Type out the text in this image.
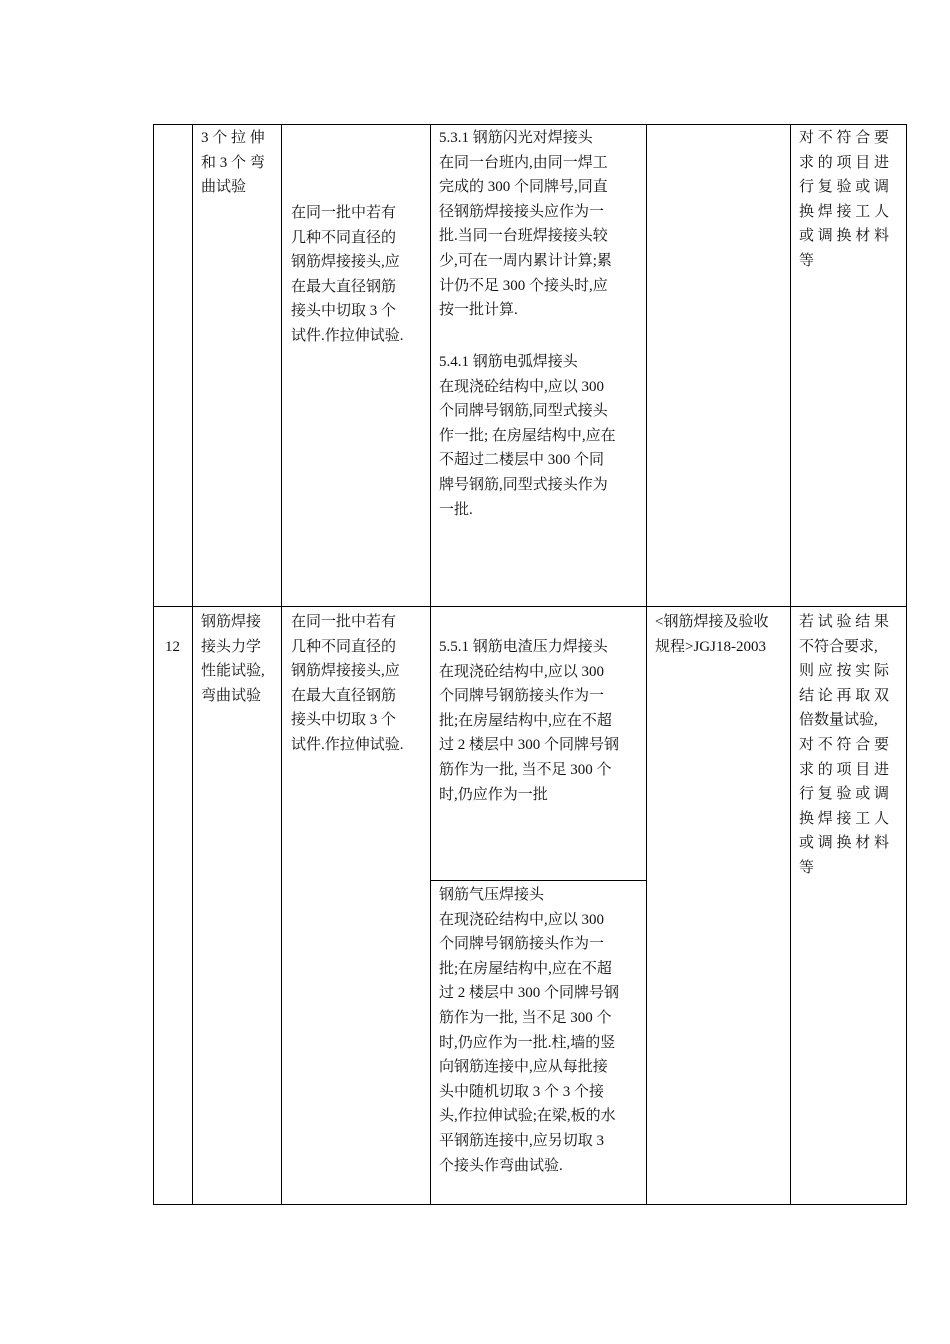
3 个 拉 伸
和 3 个 弯
曲试验
在同一批中若有
几种不同直径的
钢筋焊接接头,应
在最大直径钢筋
接头中切取 3 个
试件.作拉伸试验.
5.3.1 钢筋闪光对焊接头
在同一台班内,由同一焊工
完成的 300 个同牌号,同直
径钢筋焊接接头应作为一
批.当同一台班焊接接头较
少,可在一周内累计计算;累
计仍不足 300 个接头时,应
按一批计算.
5.4.1 钢筋电弧焊接头
在现浇砼结构中,应以 300
个同牌号钢筋,同型式接头
作一批; 在房屋结构中,应在
不超过二楼层中 300 个同
牌号钢筋,同型式接头作为
一批.
对 不 符 合 要
求 的 项 目 进
行 复 验 或 调
换 焊 接 工 人
或 调 换 材 料
等
12
钢筋焊接
接头力学
性能试验,
弯曲试验
在同一批中若有
几种不同直径的
钢筋焊接接头,应
在最大直径钢筋
接头中切取 3 个
试件.作拉伸试验.
5.5.1 钢筋电渣压力焊接头
在现浇砼结构中,应以 300
个同牌号钢筋接头作为一
批;在房屋结构中,应在不超
过 2 楼层中 300 个同牌号钢
筋作为一批, 当不足 300 个
时,仍应作为一批
钢筋气压焊接头
在现浇砼结构中,应以 300
个同牌号钢筋接头作为一
批;在房屋结构中,应在不超
过 2 楼层中 300 个同牌号钢
筋作为一批, 当不足 300 个
时,仍应作为一批.柱,墙的竖
向钢筋连接中,应从每批接
头中随机切取 3 个 3 个接
头,作拉伸试验;在梁,板的水
平钢筋连接中,应另切取 3
个接头作弯曲试验.
<钢筋焊接及验收
规程>JGJ18-2003
若 试 验 结 果
不符合要求,
则 应 按 实 际
结 论 再 取 双
倍数量试验,
对 不 符 合 要
求 的 项 目 进
行 复 验 或 调
换 焊 接 工 人
或 调 换 材 料
等
